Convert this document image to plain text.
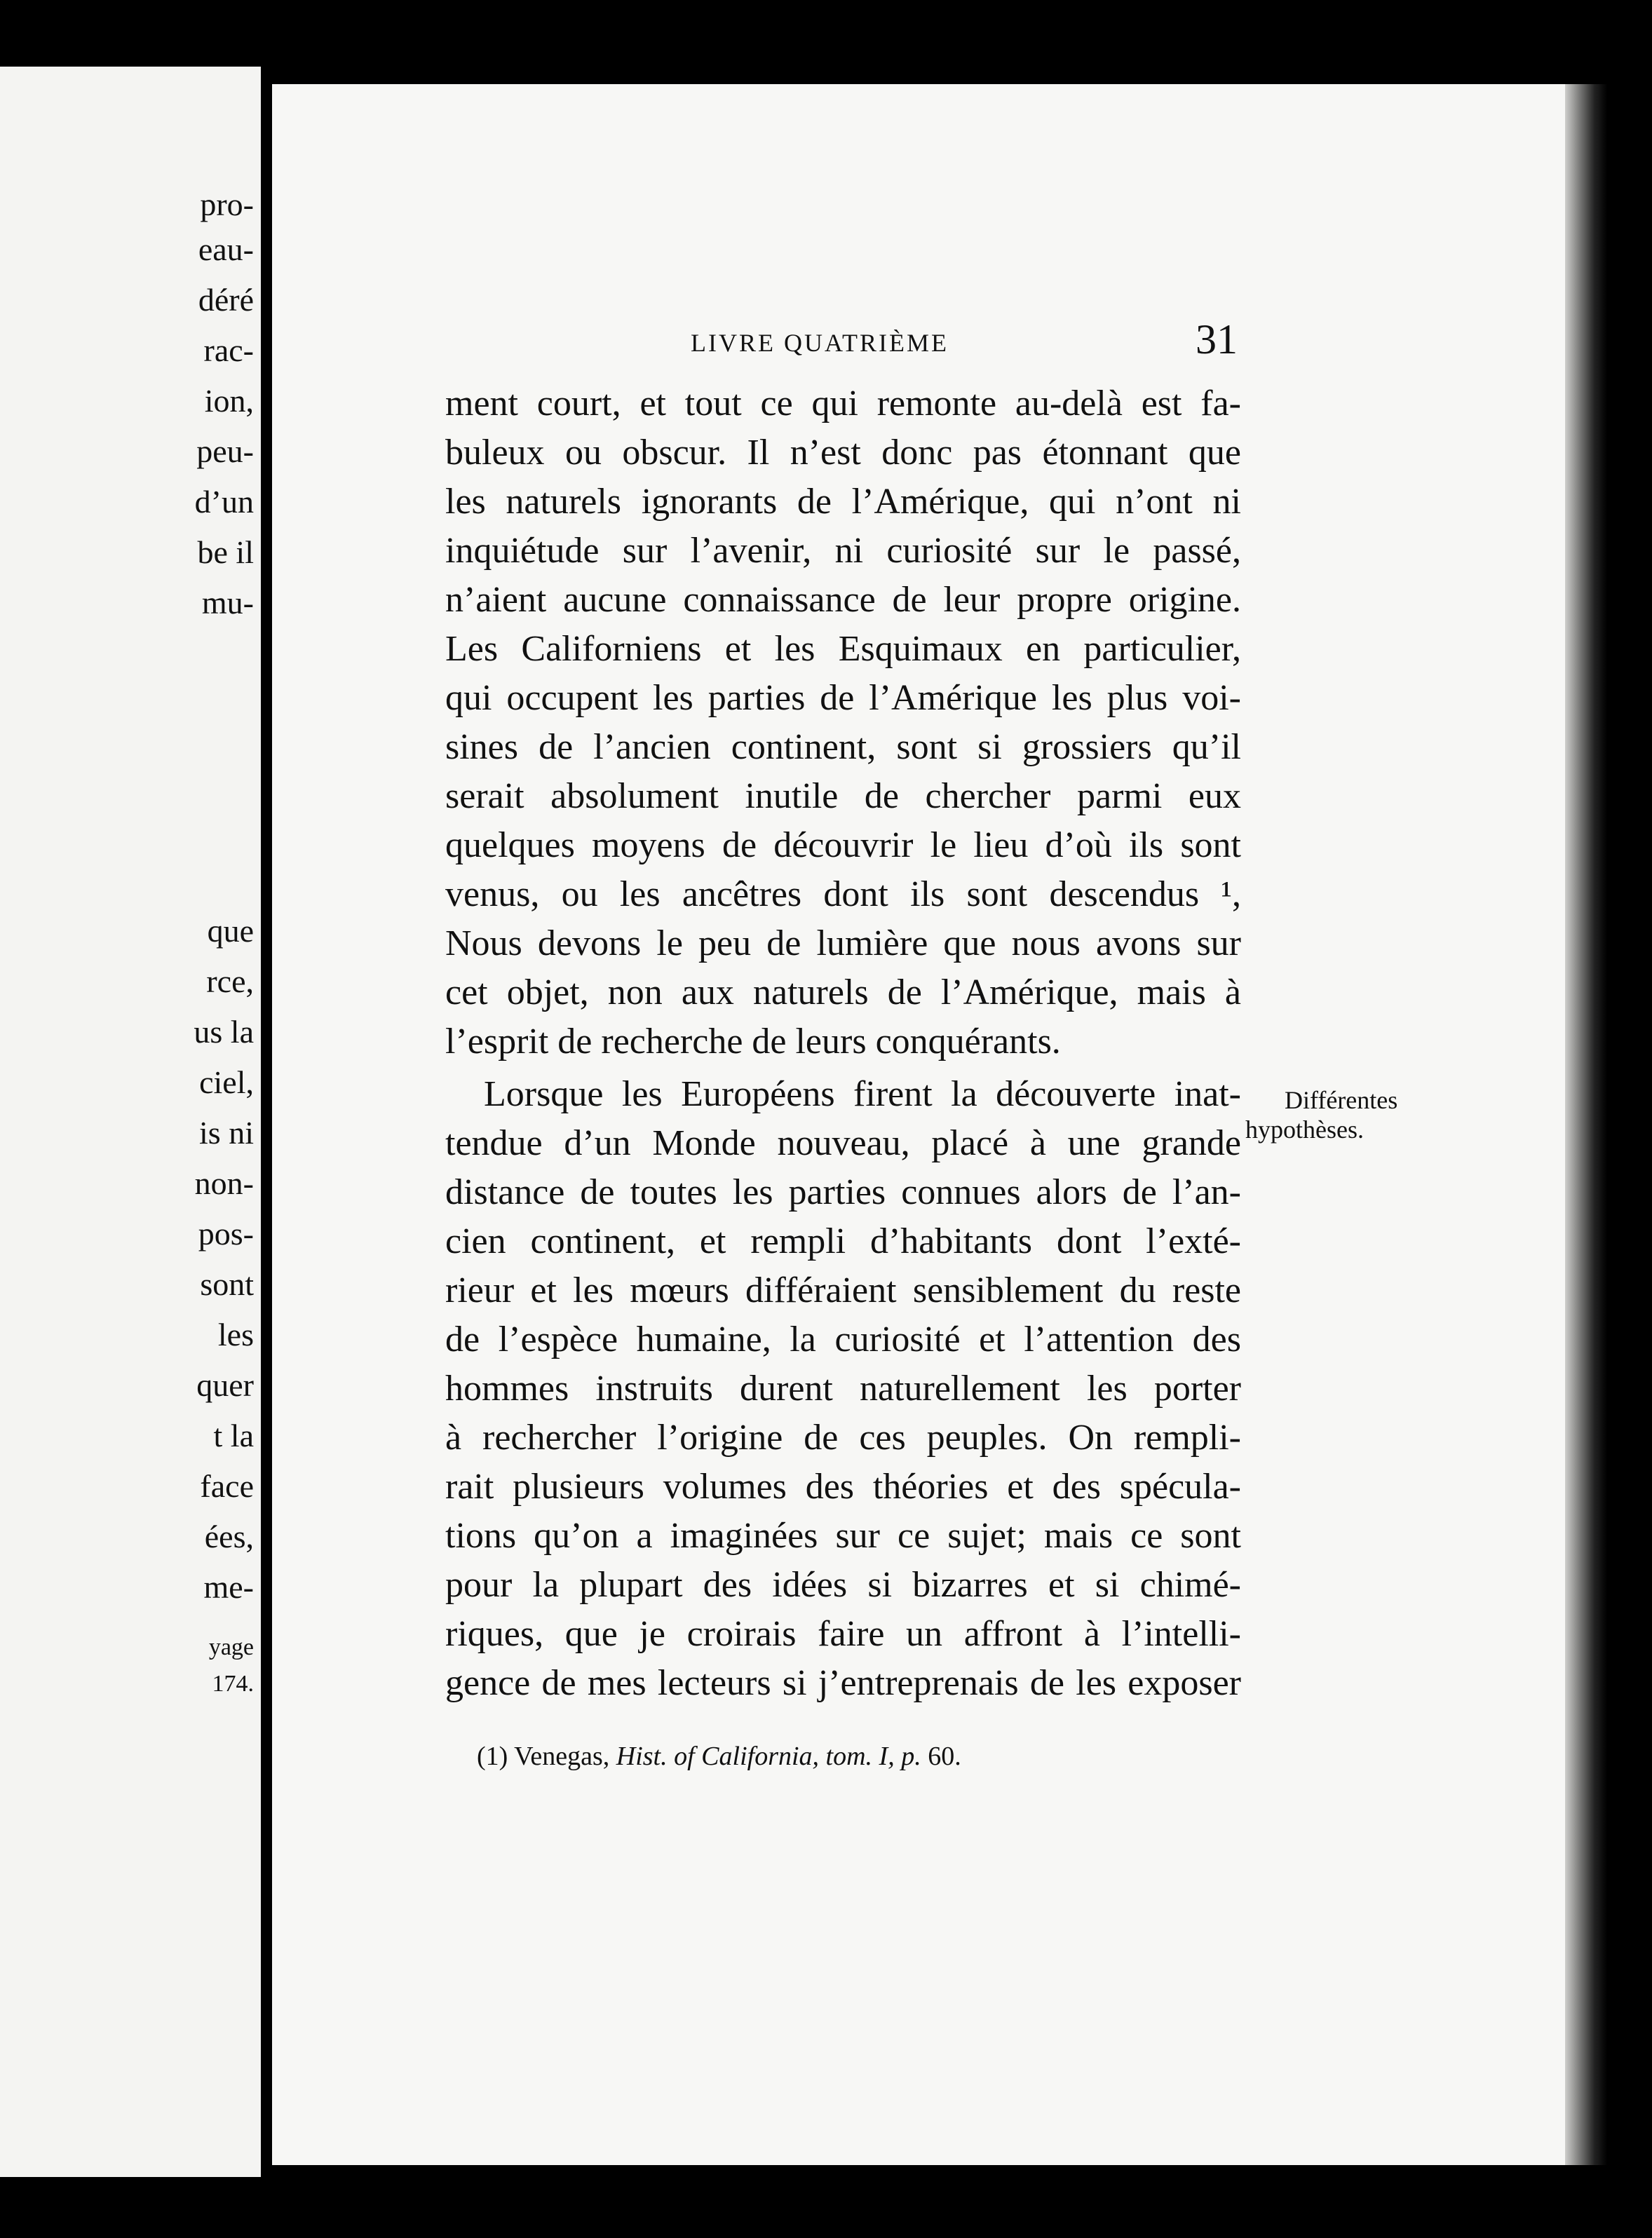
pro-
eau-
déré
rac-
ion,
peu-
d’un
be il
mu-
que
rce,
us la
ciel,
is ni
non-
pos-
sont
les
quer
t la
face
ées,
me-
yage
174.
LIVRE QUATRIÈME	31
ment court, et tout ce qui remonte au-delà est fa-
buleux ou obscur. Il n’est donc pas étonnant que
les naturels ignorants de l’Amérique, qui n’ont ni
inquiétude sur l’avenir, ni curiosité sur le passé,
n’aient aucune connaissance de leur propre origine.
Les Californiens et les Esquimaux en particulier,
qui occupent les parties de l’Amérique les plus voi-
sines de l’ancien continent, sont si grossiers qu’il
serait absolument inutile de chercher parmi eux
quelques moyens de découvrir le lieu d’où ils sont
venus, ou les ancêtres dont ils sont descendus ¹,
Nous devons le peu de lumière que nous avons sur
cet objet, non aux naturels de l’Amérique, mais à
l’esprit de recherche de leurs conquérants.
Lorsque les Européens firent la découverte inat-
tendue d’un Monde nouveau, placé à une grande
distance de toutes les parties connues alors de l’an-
cien continent, et rempli d’habitants dont l’exté-
rieur et les mœurs différaient sensiblement du reste
de l’espèce humaine, la curiosité et l’attention des
hommes instruits durent naturellement les porter
à rechercher l’origine de ces peuples. On rempli-
rait plusieurs volumes des théories et des spécula-
tions qu’on a imaginées sur ce sujet; mais ce sont
pour la plupart des idées si bizarres et si chimé-
riques, que je croirais faire un affront à l’intelli-
gence de mes lecteurs si j’entreprenais de les exposer
Différentes
hypothèses.
(1) Venegas, Hist. of California, tom. I, p. 60.
